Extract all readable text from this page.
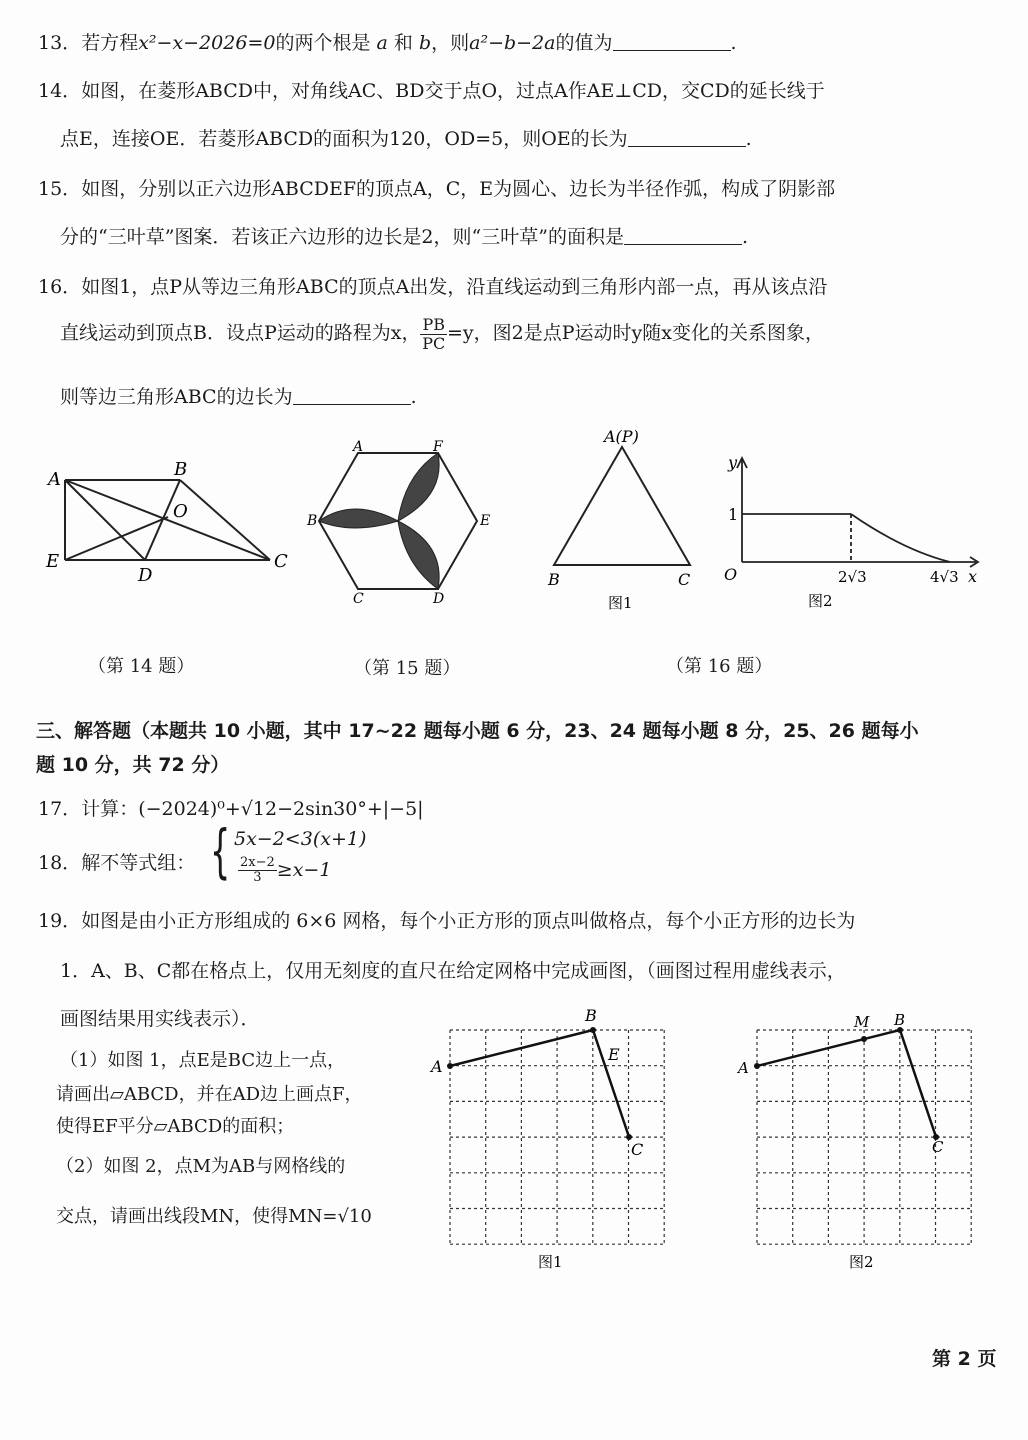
13．若方程x²−x−2026=0的两个根是 a 和 b，则a²−b−2a的值为	.
14．如图，在菱形ABCD中，对角线AC、BD交于点O，过点A作AE⊥CD，交CD的延长线于
点E，连接OE．若菱形ABCD的面积为120，OD=5，则OE的长为	.
15．如图，分别以正六边形ABCDEF的顶点A，C，E为圆心、边长为半径作弧，构成了阴影部
分的“三叶草”图案．若该正六边形的边长是2，则“三叶草”的面积是	.
16．如图1，点P从等边三角形ABC的顶点A出发，沿直线运动到三角形内部一点，再从该点沿
直线运动到顶点B．设点P运动的路程为x， $\frac{PB}{PC} =y$，图2是点P运动时y随x变化的关系图象，
则等边三角形ABC的边长为	.
A	B
O
E
D
C
（第 14 题）
A	F
B	E
C	D
（第 15 题）
A(P)
B	C
图1
y
x
O
1
2√3	4√3
图2
（第 16 题）
三、解答题（本题共 10 小题，其中 17~22 题每小题 6 分，23、24 题每小题 8 分，25、26 题每小
题 10 分，共 72 分）
17．计算：(−2024)⁰+√12−2sin30°+|−5|
18．解不等式组： { 5x−2<3(x+1)
$\frac{2x-2}{3} \ge x-1$
19．如图是由小正方形组成的 6×6 网格，每个小正方形的顶点叫做格点，每个小正方形的边长为
1．A、B、C都在格点上，仅用无刻度的直尺在给定网格中完成画图，（画图过程用虚线表示，
画图结果用实线表示）．
（1）如图 1，点E是BC边上一点，
请画出▱ABCD，并在AD边上画点F，
使得EF平分▱ABCD的面积；
（2）如图 2，点M为AB与网格线的
交点，请画出线段MN，使得MN=√10
A
B
E
C
图1
M B
A
C
图2
第 2 页
